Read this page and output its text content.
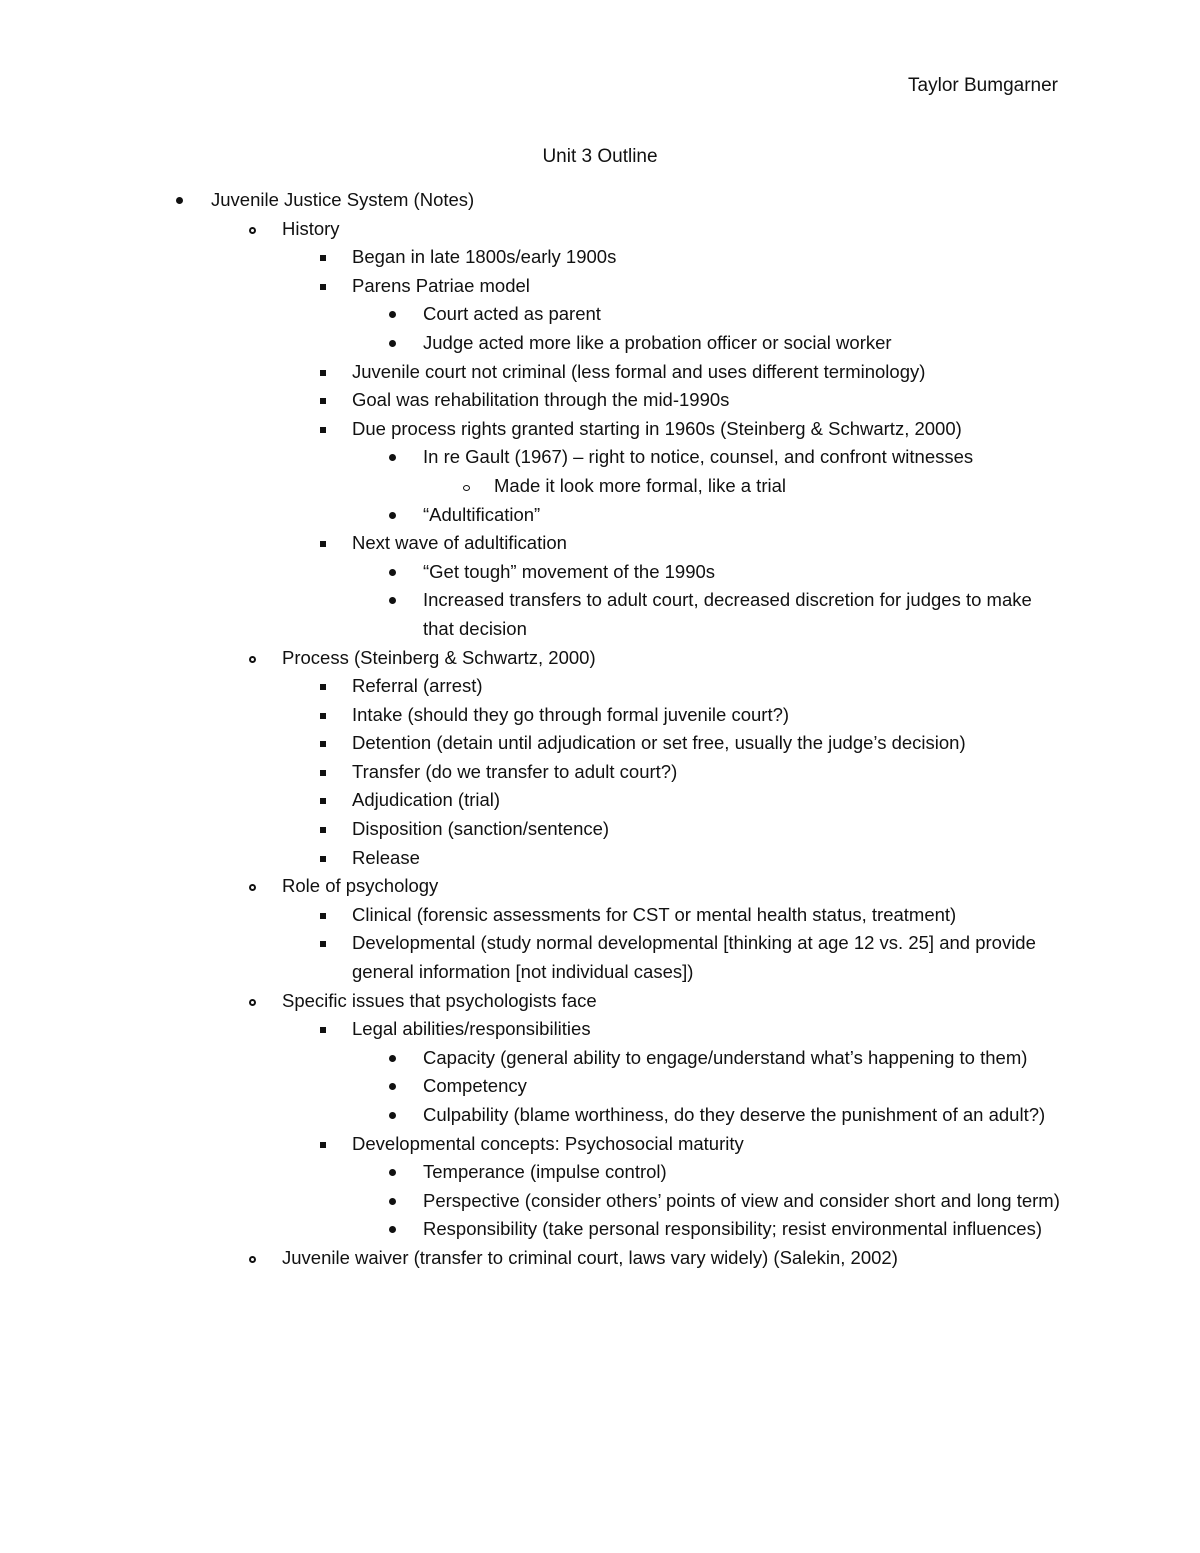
Taylor Bumgarner
Unit 3 Outline
Juvenile Justice System (Notes)
History
Began in late 1800s/early 1900s
Parens Patriae model
Court acted as parent
Judge acted more like a probation officer or social worker
Juvenile court not criminal (less formal and uses different terminology)
Goal was rehabilitation through the mid-1990s
Due process rights granted starting in 1960s (Steinberg & Schwartz, 2000)
In re Gault (1967) – right to notice, counsel, and confront witnesses
Made it look more formal, like a trial
“Adultification”
Next wave of adultification
“Get tough” movement of the 1990s
Increased transfers to adult court, decreased discretion for judges to make that decision
Process (Steinberg & Schwartz, 2000)
Referral (arrest)
Intake (should they go through formal juvenile court?)
Detention (detain until adjudication or set free, usually the judge’s decision)
Transfer (do we transfer to adult court?)
Adjudication (trial)
Disposition (sanction/sentence)
Release
Role of psychology
Clinical (forensic assessments for CST or mental health status, treatment)
Developmental (study normal developmental [thinking at age 12 vs. 25] and provide general information [not individual cases])
Specific issues that psychologists face
Legal abilities/responsibilities
Capacity (general ability to engage/understand what’s happening to them)
Competency
Culpability (blame worthiness, do they deserve the punishment of an adult?)
Developmental concepts: Psychosocial maturity
Temperance (impulse control)
Perspective (consider others’ points of view and consider short and long term)
Responsibility (take personal responsibility; resist environmental influences)
Juvenile waiver (transfer to criminal court, laws vary widely) (Salekin, 2002)
